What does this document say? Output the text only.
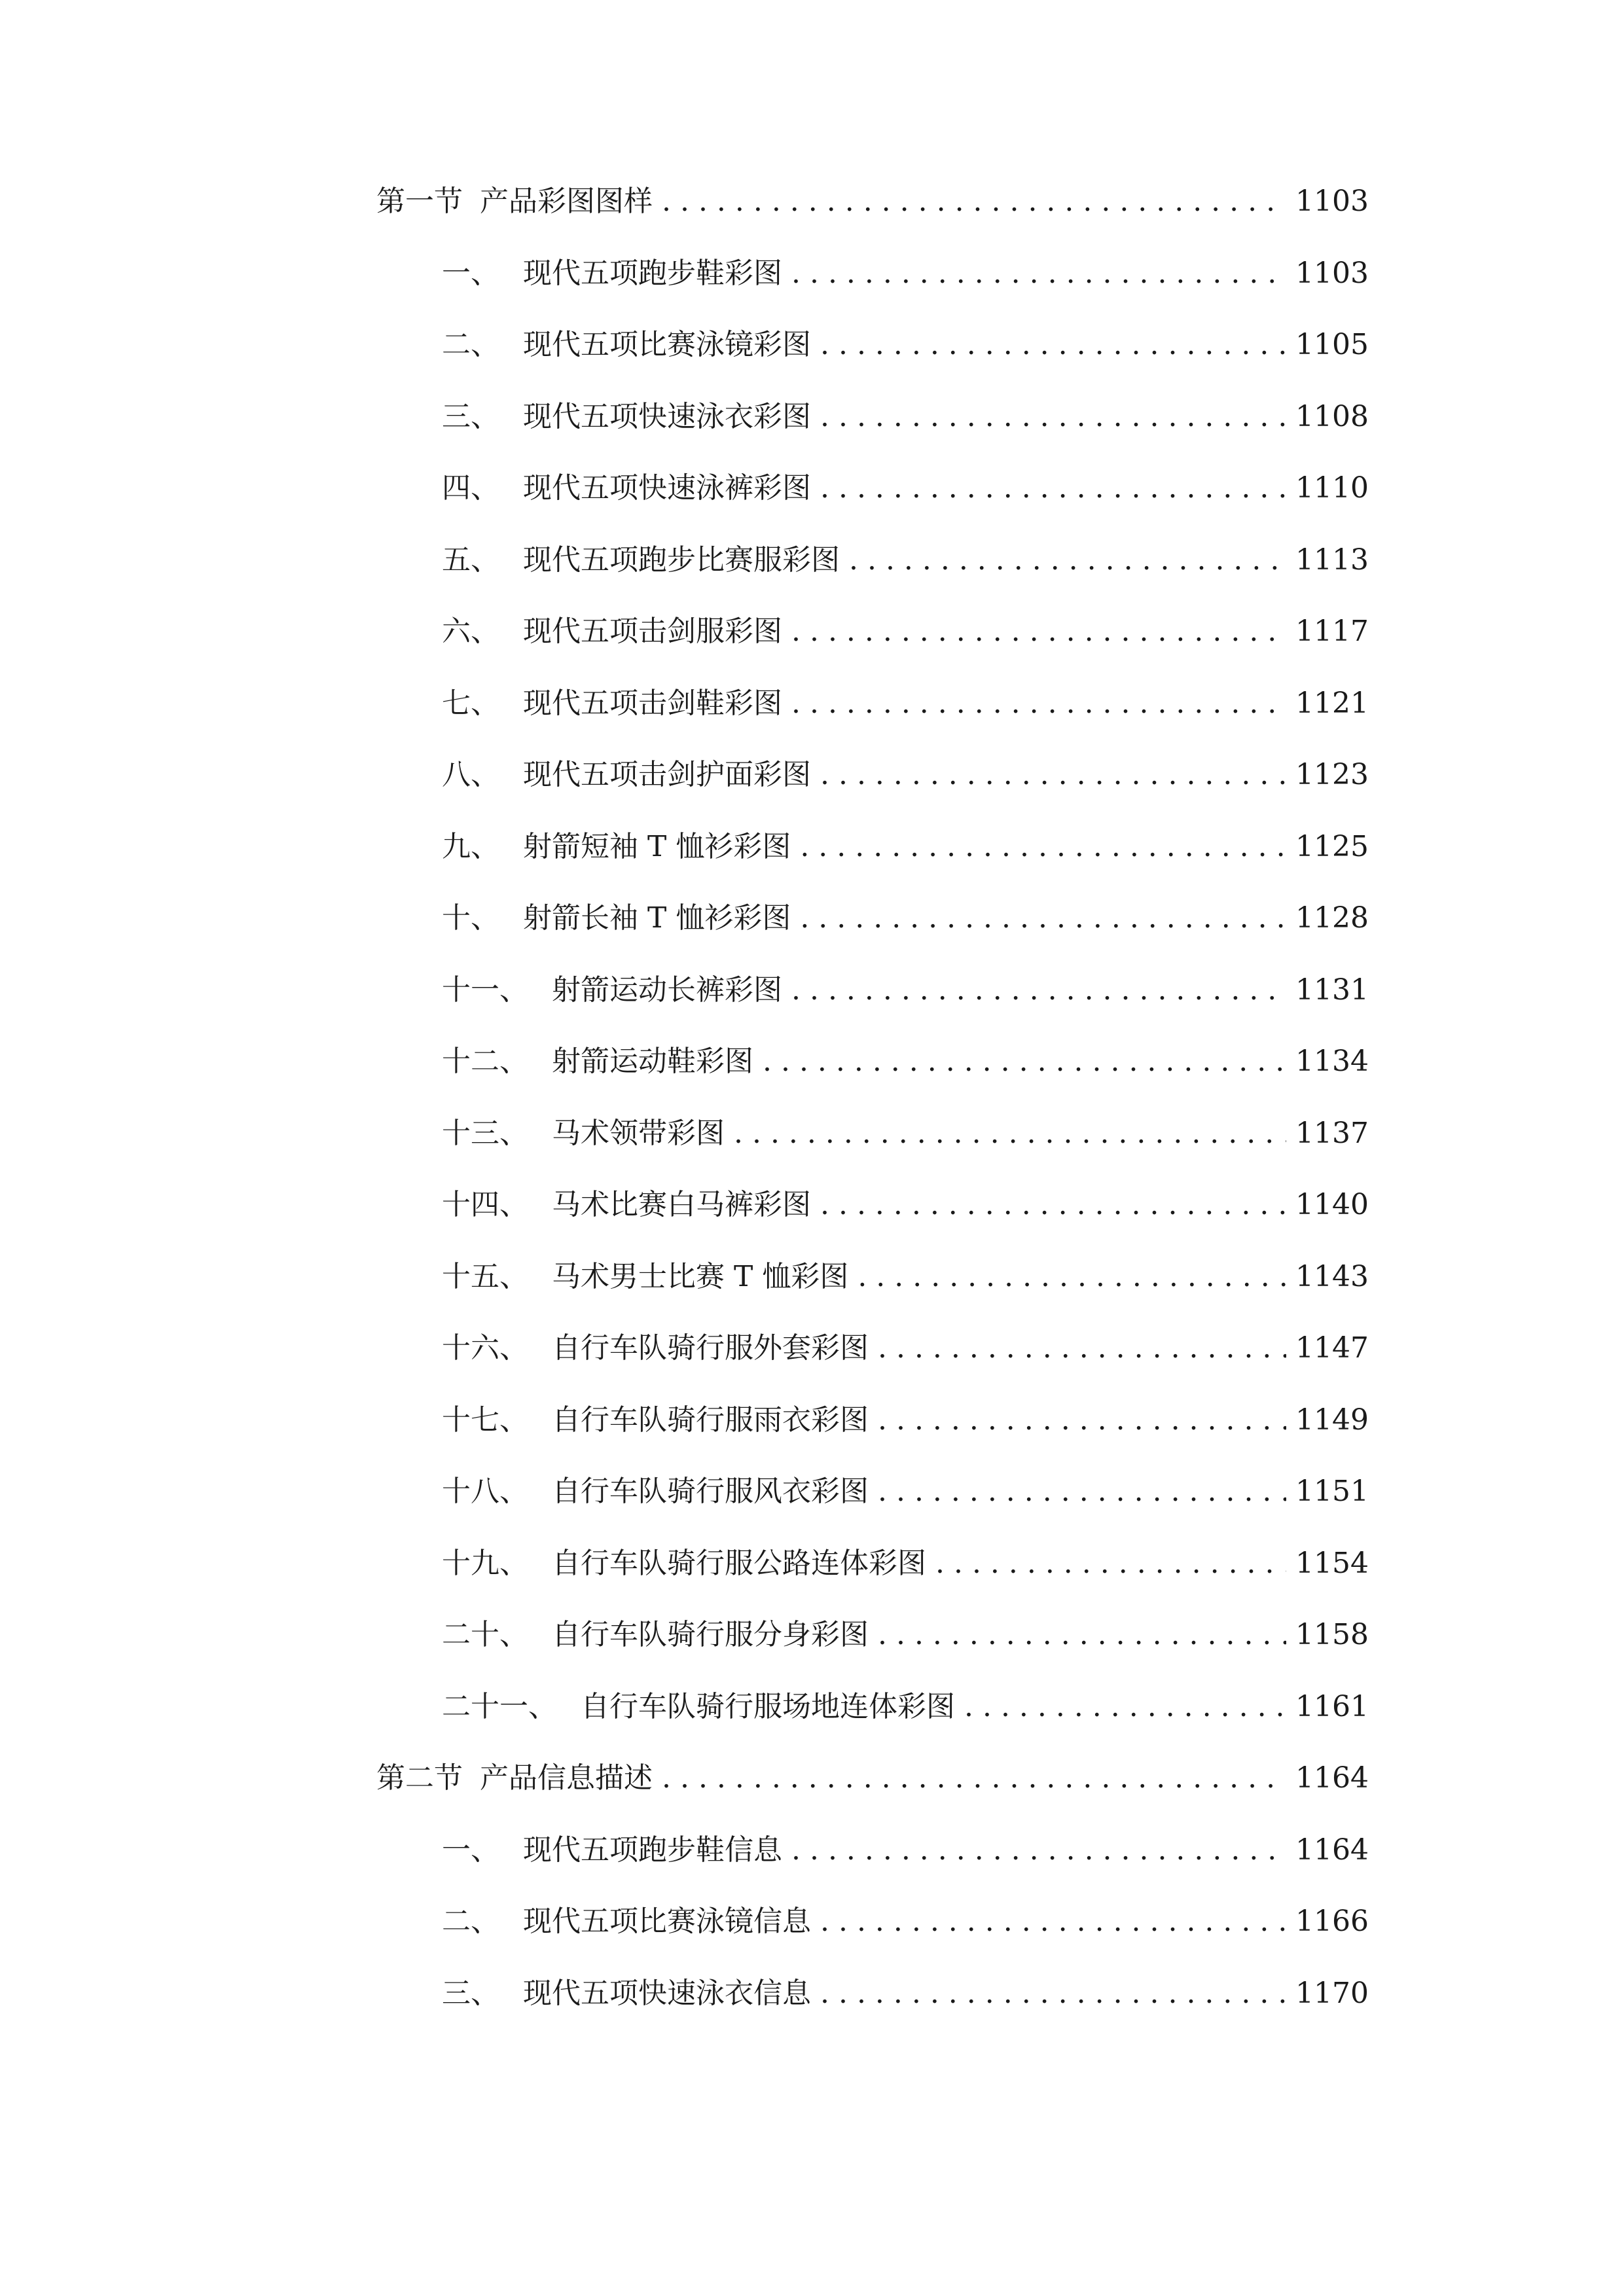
第一节 产品彩图图样 . . .	1103
一、 现代五项跑步鞋彩图 . . .	1103
二、 现代五项比赛泳镜彩图 . . .	1105
三、 现代五项快速泳衣彩图 . . .	1108
四、 现代五项快速泳裤彩图 . . .	1110
五、 现代五项跑步比赛服彩图 . . .	1113
六、 现代五项击剑服彩图 . . .	1117
七、 现代五项击剑鞋彩图 . . .	1121
八、 现代五项击剑护面彩图 . . .	1123
九、 射箭短袖 T 恤衫彩图 . . .	1125
十、 射箭长袖 T 恤衫彩图 . . .	1128
十一、 射箭运动长裤彩图 . . .	1131
十二、 射箭运动鞋彩图 . . .	1134
十三、 马术领带彩图 . . .	1137
十四、 马术比赛白马裤彩图 . . .	1140
十五、 马术男士比赛 T 恤彩图 . . .	1143
十六、 自行车队骑行服外套彩图 . . .	1147
十七、 自行车队骑行服雨衣彩图 . . .	1149
十八、 自行车队骑行服风衣彩图 . . .	1151
十九、 自行车队骑行服公路连体彩图 . . .	1154
二十、 自行车队骑行服分身彩图 . . .	1158
二十一、 自行车队骑行服场地连体彩图 . . .	1161
第二节 产品信息描述 . . .	1164
一、 现代五项跑步鞋信息 . . .	1164
二、 现代五项比赛泳镜信息 . . .	1166
三、 现代五项快速泳衣信息 . . .	1170
